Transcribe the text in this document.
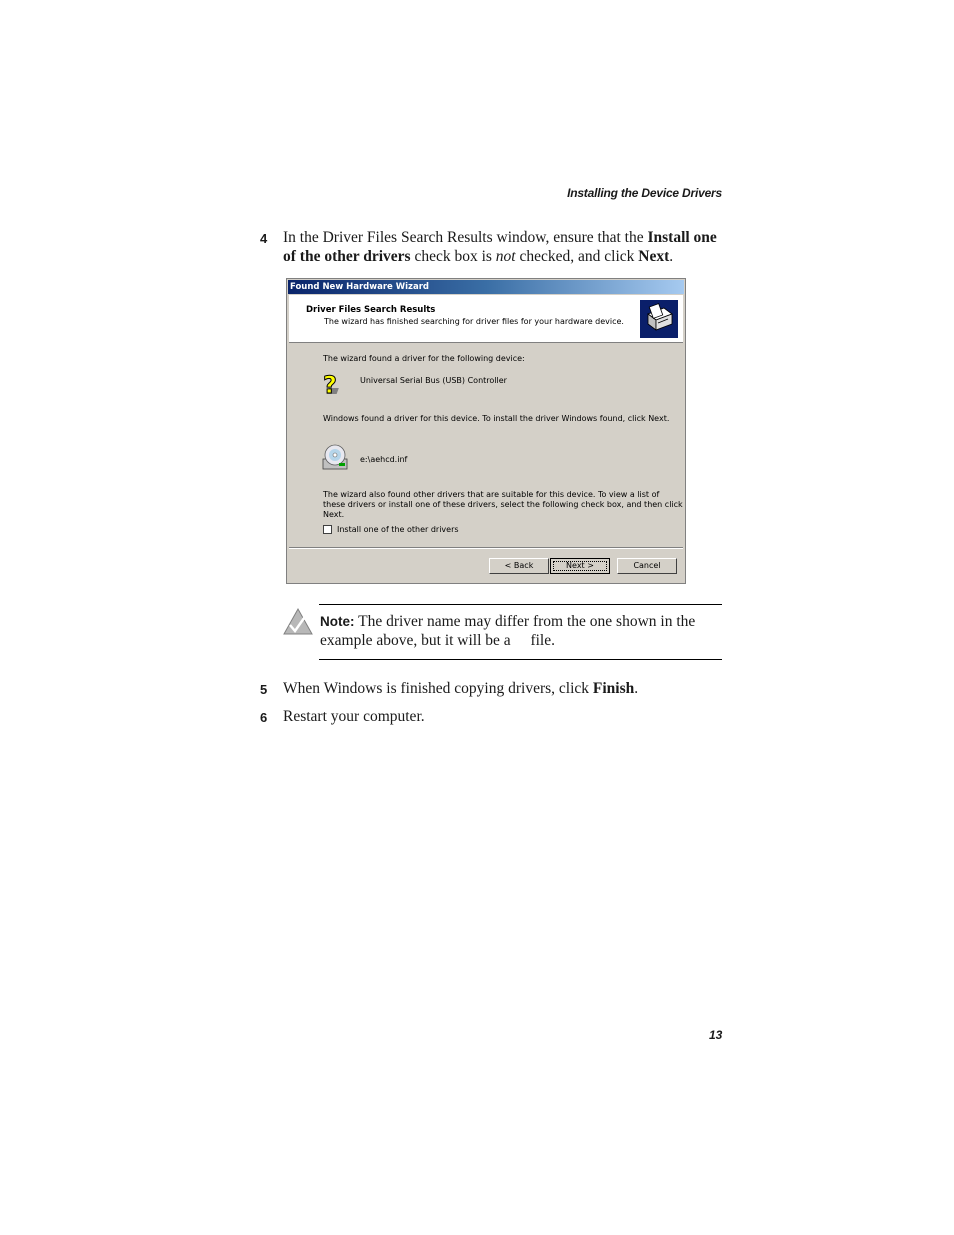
Installing the Device Drivers
4 In the Driver Files Search Results window, ensure that the Install one of the other drivers check box is not checked, and click Next.
Found New Hardware Wizard
Driver Files Search Results
The wizard has finished searching for driver files for your hardware device.
The wizard found a driver for the following device:
?	Universal Serial Bus (USB) Controller
Windows found a driver for this device. To install the driver Windows found, click Next.
e:\aehcd.inf
The wizard also found other drivers that are suitable for this device. To view a list of
these drivers or install one of these drivers, select the following check box, and then click
Next.
Install one of the other drivers
< Back	Next >	Cancel
Note: The driver name may differ from the one shown in the example above, but it will be a  file.
5 When Windows is finished copying drivers, click Finish.
6 Restart your computer.
13
